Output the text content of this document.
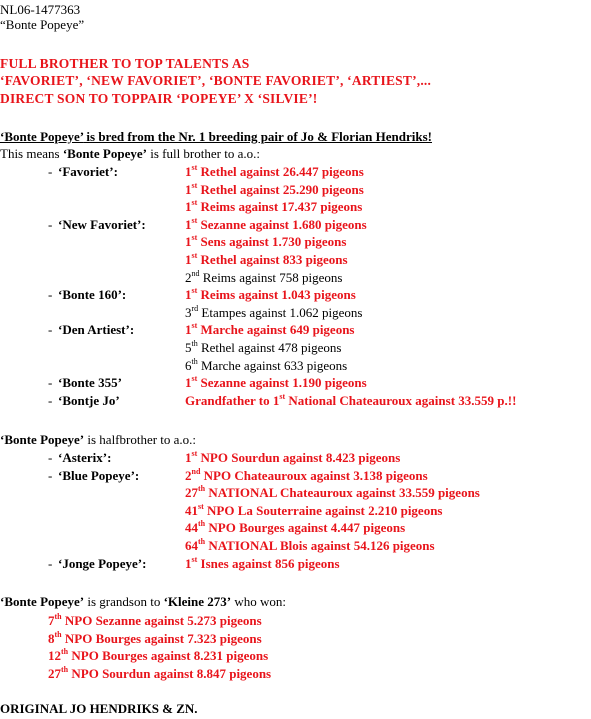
NL06-1477363
“Bonte Popeye”
FULL BROTHER TO TOP TALENTS AS
‘FAVORIET’, ‘NEW FAVORIET’, ‘BONTE FAVORIET’, ‘ARTIEST’,...
DIRECT SON TO TOPPAIR ‘POPEYE’ X ‘SILVIE’!
‘Bonte Popeye’ is bred from the Nr. 1 breeding pair of Jo & Florian Hendriks!
This means ‘Bonte Popeye’ is full brother to a.o.:
- ‘Favoriet’:	1st Rethel against 26.447 pigeons
1st Rethel against 25.290 pigeons
1st Reims against 17.437 pigeons
- ‘New Favoriet’:	1st Sezanne against 1.680 pigeons
1st Sens against 1.730 pigeons
1st Rethel against 833 pigeons
2nd Reims against 758 pigeons
- ‘Bonte 160’:	1st Reims against 1.043 pigeons
3rd Etampes against 1.062 pigeons
- ‘Den Artiest’:	1st Marche against 649 pigeons
5th Rethel against 478 pigeons
6th Marche against 633 pigeons
- ‘Bonte 355’	1st Sezanne against 1.190 pigeons
- ‘Bontje Jo’	Grandfather to 1st National Chateauroux against 33.559 p.!!
‘Bonte Popeye’ is halfbrother to a.o.:
- ‘Asterix’:	1st NPO Sourdun against 8.423 pigeons
- ‘Blue Popeye’:	2nd NPO Chateauroux against 3.138 pigeons
27th NATIONAL Chateauroux against 33.559 pigeons
41st NPO La Souterraine against 2.210 pigeons
44th NPO Bourges against 4.447 pigeons
64th NATIONAL Blois against 54.126 pigeons
- ‘Jonge Popeye’:	1st Isnes against 856 pigeons
‘Bonte Popeye’ is grandson to ‘Kleine 273’ who won:
7th NPO Sezanne against 5.273 pigeons
8th NPO Bourges against 7.323 pigeons
12th NPO Bourges against 8.231 pigeons
27th NPO Sourdun against 8.847 pigeons
ORIGINAL JO HENDRIKS & ZN.
